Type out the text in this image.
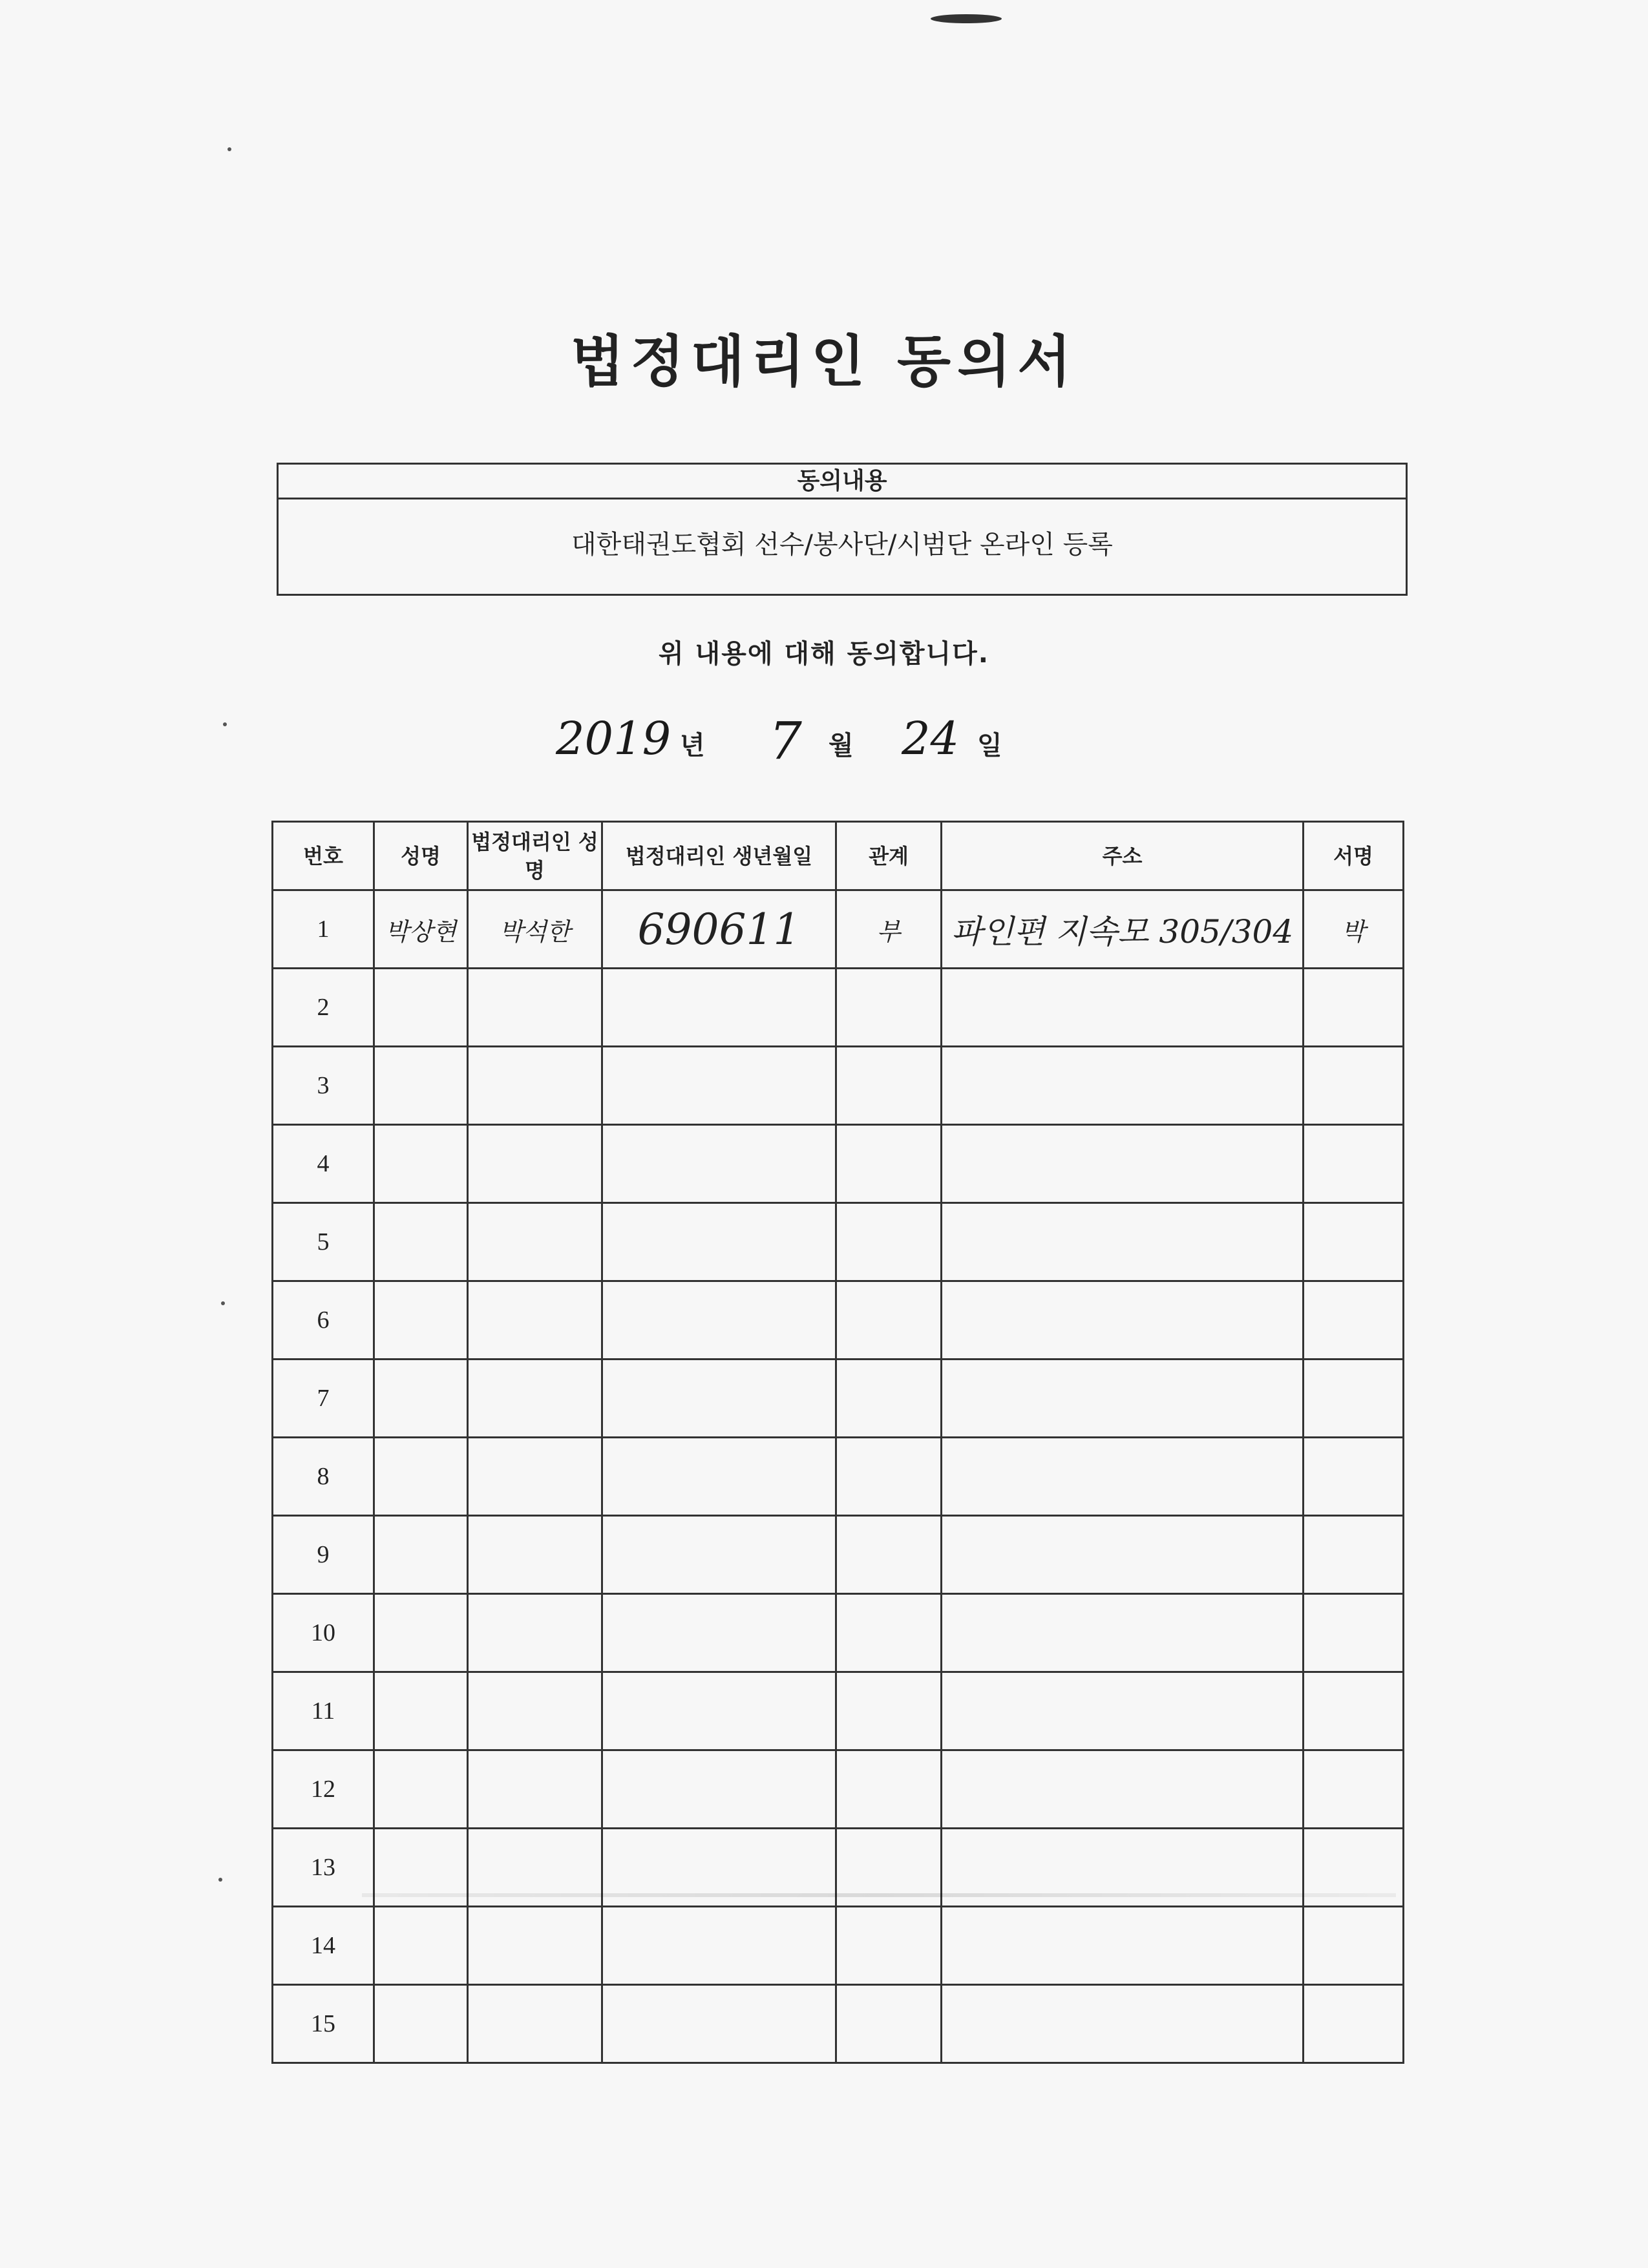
법정대리인 동의서
동의내용
대한태권도협회 선수/봉사단/시범단 온라인 등록
위 내용에 대해 동의합니다.
2019 년 7 월 24 일
번호	성명	법정대리인 성명	법정대리인 생년월일	관계	주소	서명
1	박상현	박석한	690611	부	파인편 지속모 305/304	박
2						
3						
4						
5						
6						
7						
8						
9						
10						
11						
12						
13						
14						
15						
